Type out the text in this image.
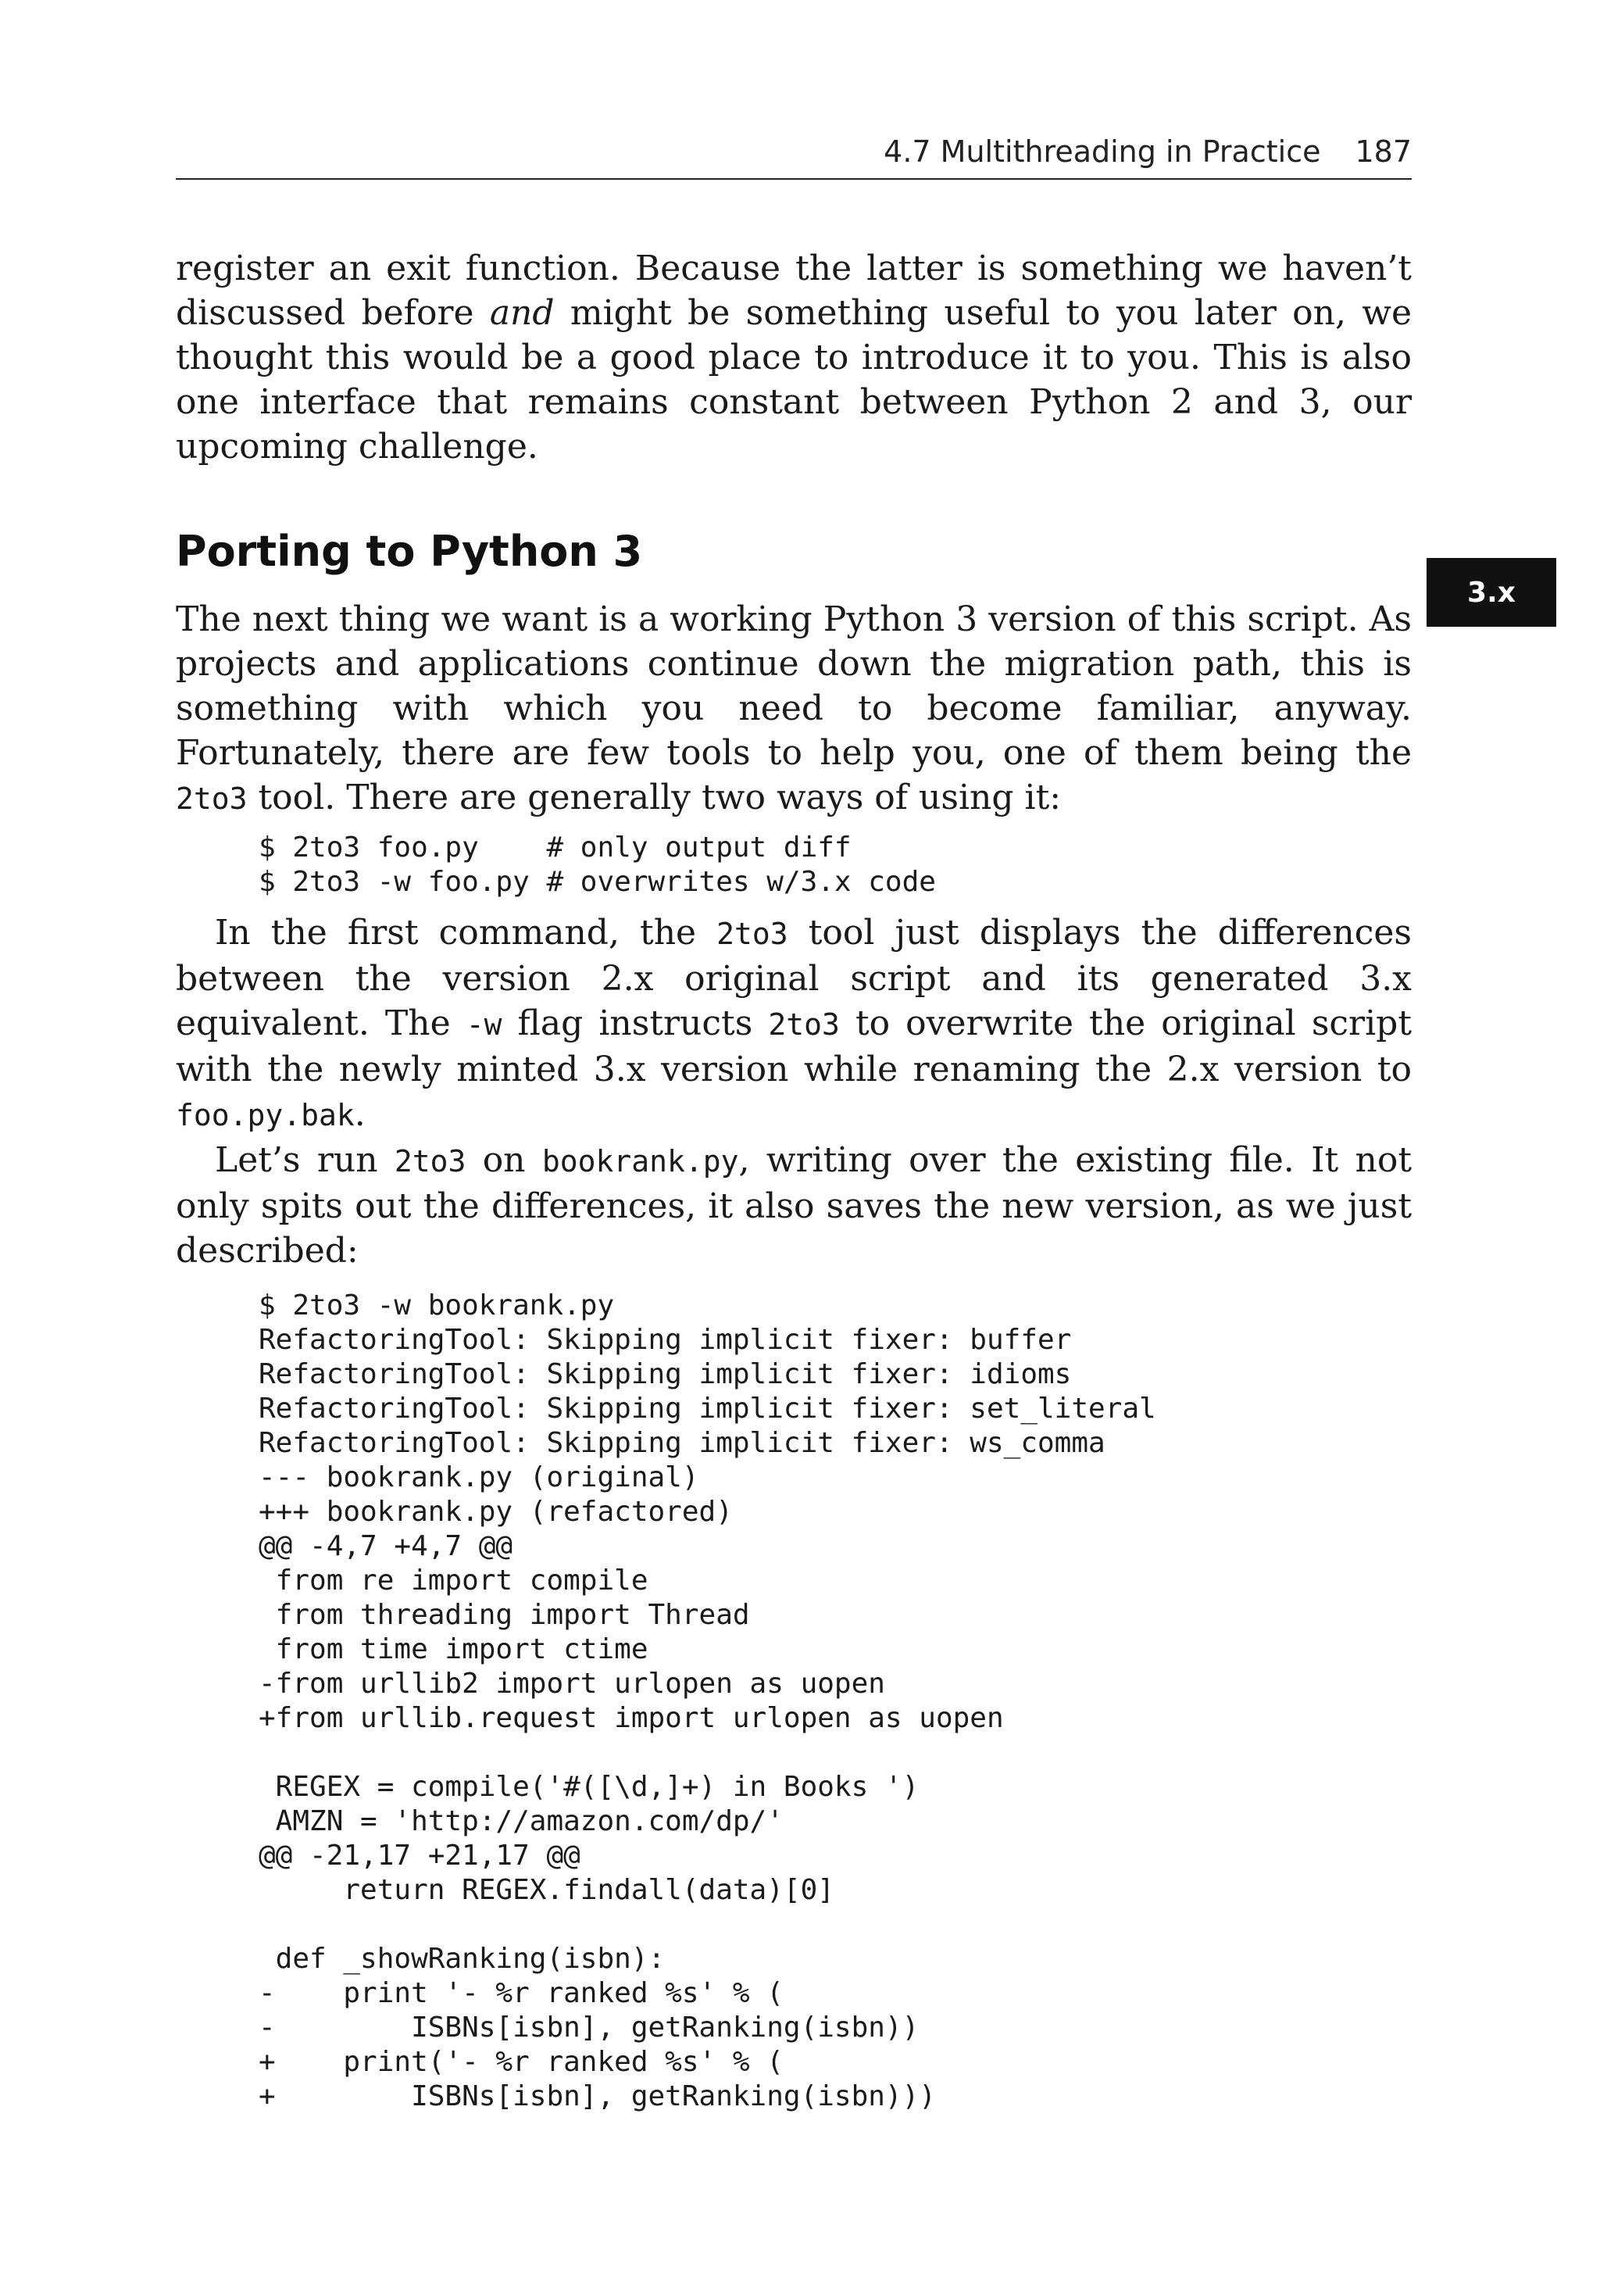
4.7 Multithreading in Practice 187
3.x

register an exit function. Because the latter is something we haven’t discussed before and might be something useful to you later on, we thought this would be a good place to introduce it to you. This is also one interface that remains constant between Python 2 and 3, our upcoming challenge.

Porting to Python 3

The next thing we want is a working Python 3 version of this script. As projects and applications continue down the migration path, this is something with which you need to become familiar, anyway. Fortunately, there are few tools to help you, one of them being the 2to3 tool. There are generally two ways of using it:

$ 2to3 foo.py    # only output diff
$ 2to3 -w foo.py # overwrites w/3.x code

In the first command, the 2to3 tool just displays the differences between the version 2.x original script and its generated 3.x equivalent. The -w flag instructs 2to3 to overwrite the original script with the newly minted 3.x version while renaming the 2.x version to foo.py.bak.

Let’s run 2to3 on bookrank.py, writing over the existing file. It not only spits out the differences, it also saves the new version, as we just described:

$ 2to3 -w bookrank.py
RefactoringTool: Skipping implicit fixer: buffer
RefactoringTool: Skipping implicit fixer: idioms
RefactoringTool: Skipping implicit fixer: set_literal
RefactoringTool: Skipping implicit fixer: ws_comma
--- bookrank.py (original)
+++ bookrank.py (refactored)
@@ -4,7 +4,7 @@
from re import compile
from threading import Thread
from time import ctime
-from urllib2 import urlopen as uopen
+from urllib.request import urlopen as uopen

REGEX = compile('#([\d,]+) in Books ')
AMZN = 'http://amazon.com/dp/'
@@ -21,17 +21,17 @@
return REGEX.findall(data)[0]

def _showRanking(isbn):
-    print '- %r ranked %s' % (
-        ISBNs[isbn], getRanking(isbn))
+    print('- %r ranked %s' % (
+        ISBNs[isbn], getRanking(isbn)))
